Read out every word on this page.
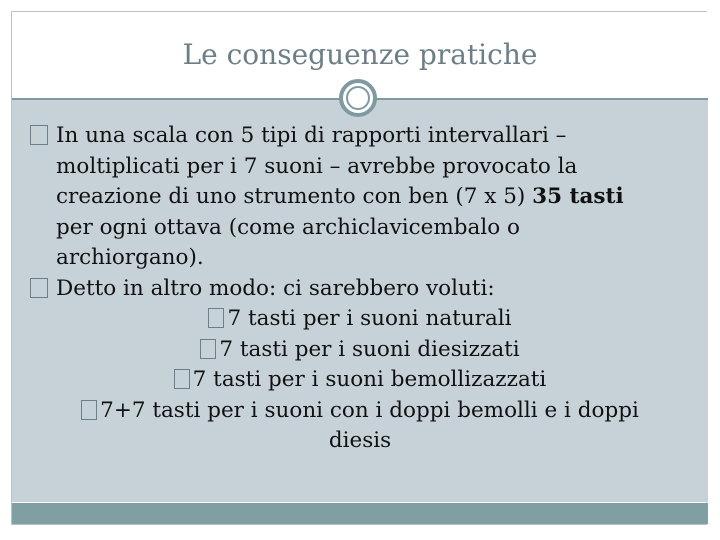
Le conseguenze pratiche
In una scala con 5 tipi di rapporti intervallari –
moltiplicati per i 7 suoni – avrebbe provocato la
creazione di uno strumento con ben (7 x 5) 35 tasti
per ogni ottava (come archiclavicembalo o
archiorgano).
Detto in altro modo: ci sarebbero voluti:
7 tasti per i suoni naturali
7 tasti per i suoni diesizzati
7 tasti per i suoni bemollizazzati
7+7 tasti per i suoni con i doppi bemolli e i doppi
diesis
